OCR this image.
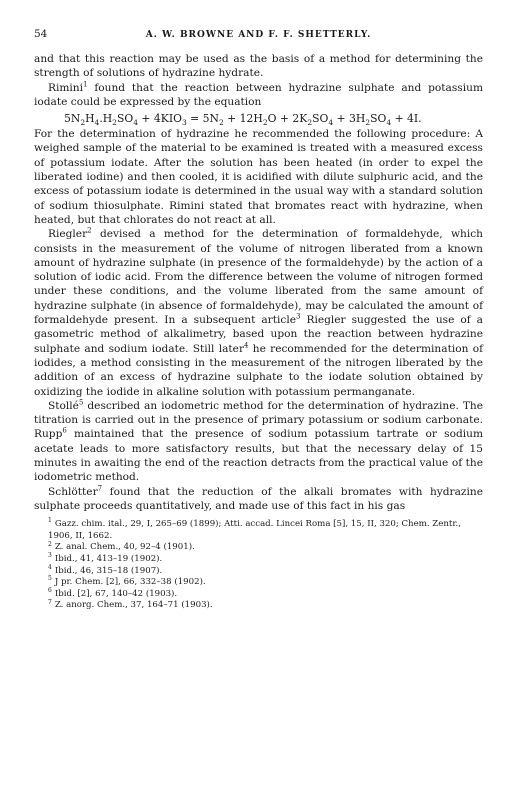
54	A. W. BROWNE AND F. F. SHETTERLY.

and that this reaction may be used as the basis of a method for determining the strength of solutions of hydrazine hydrate.

Rimini$^1$ found that the reaction between hydrazine sulphate and potassium iodate could be expressed by the equation

$5N_2H_4.H_2SO_4 + 4KIO_3 = 5N_2 + 12H_2O + 2K_2SO_4 + 3H_2SO_4 + 4I$.

For the determination of hydrazine he recommended the following procedure: A weighed sample of the material to be examined is treated with a measured excess of potassium iodate. After the solution has been heated (in order to expel the liberated iodine) and then cooled, it is acidified with dilute sulphuric acid, and the excess of potassium iodate is determined in the usual way with a standard solution of sodium thiosulphate. Rimini stated that bromates react with hydrazine, when heated, but that chlorates do not react at all.

Riegler$^2$ devised a method for the determination of formaldehyde, which consists in the measurement of the volume of nitrogen liberated from a known amount of hydrazine sulphate (in presence of the formaldehyde) by the action of a solution of iodic acid. From the difference between the volume of nitrogen formed under these conditions, and the volume liberated from the same amount of hydrazine sulphate (in absence of formaldehyde), may be calculated the amount of formaldehyde present. In a subsequent article$^3$ Riegler suggested the use of a gasometric method of alkalimetry, based upon the reaction between hydrazine sulphate and sodium iodate. Still later$^4$ he recommended for the determination of iodides, a method consisting in the measurement of the nitrogen liberated by the addition of an excess of hydrazine sulphate to the iodate solution obtained by oxidizing the iodide in alkaline solution with potassium permanganate.

Stollé$^5$ described an iodometric method for the determination of hydrazine. The titration is carried out in the presence of primary potassium or sodium carbonate. Rupp$^6$ maintained that the presence of sodium potassium tartrate or sodium acetate leads to more satisfactory results, but that the necessary delay of 15 minutes in awaiting the end of the reaction detracts from the practical value of the iodometric method.

Schlötter$^7$ found that the reduction of the alkali bromates with hydrazine sulphate proceeds quantitatively, and made use of this fact in his gas

$^1$ Gazz. chim. ital., 29, I, 265–69 (1899); Atti. accad. Lincei Roma [5], 15, II, 320; Chem. Zentr., 1906, II, 1662.
$^2$ Z. anal. Chem., 40, 92–4 (1901).
$^3$ Ibid., 41, 413–19 (1902).
$^4$ Ibid., 46, 315–18 (1907).
$^5$ J pr. Chem. [2], 66, 332–38 (1902).
$^6$ Ibid. [2], 67, 140–42 (1903).
$^7$ Z. anorg. Chem., 37, 164–71 (1903).
